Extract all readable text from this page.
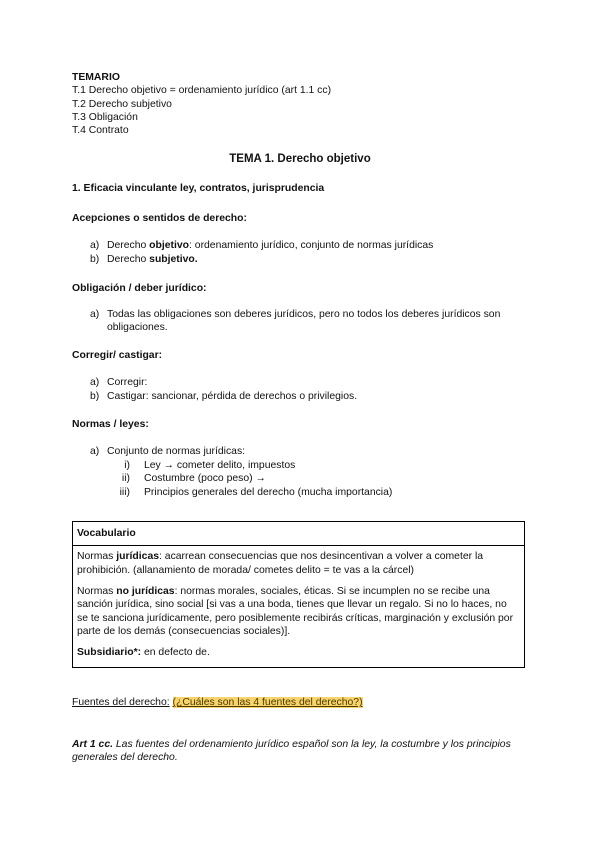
TEMARIO
T.1 Derecho objetivo = ordenamiento jurídico (art 1.1 cc)
T.2 Derecho subjetivo
T.3 Obligación
T.4 Contrato
TEMA 1. Derecho objetivo
1. Eficacia vinculante ley, contratos, jurisprudencia
Acepciones o sentidos de derecho:
a) Derecho objetivo: ordenamiento jurídico, conjunto de normas jurídicas
b) Derecho subjetivo.
Obligación / deber jurídico:
a) Todas las obligaciones son deberes jurídicos, pero no todos los deberes jurídicos son obligaciones.
Corregir/ castigar:
a) Corregir:
b) Castigar: sancionar, pérdida de derechos o privilegios.
Normas / leyes:
a) Conjunto de normas jurídicas:
i) Ley → cometer delito, impuestos
ii) Costumbre (poco peso) →
iii) Principios generales del derecho (mucha importancia)
Vocabulario

Normas jurídicas: acarrean consecuencias que nos desincentivan a volver a cometer la prohibición. (allanamiento de morada/ cometes delito = te vas a la cárcel)

Normas no jurídicas: normas morales, sociales, éticas. Si se incumplen no se recibe una sanción jurídica, sino social [si vas a una boda, tienes que llevar un regalo. Si no lo haces, no se te sanciona jurídicamente, pero posiblemente recibirás críticas, marginación y exclusión por parte de los demás (consecuencias sociales)].

Subsidiario*: en defecto de.

Fuentes del derecho: (¿Cuáles son las 4 fuentes del derecho?)
Art 1 cc. Las fuentes del ordenamiento jurídico español son la ley, la costumbre y los principios generales del derecho.
